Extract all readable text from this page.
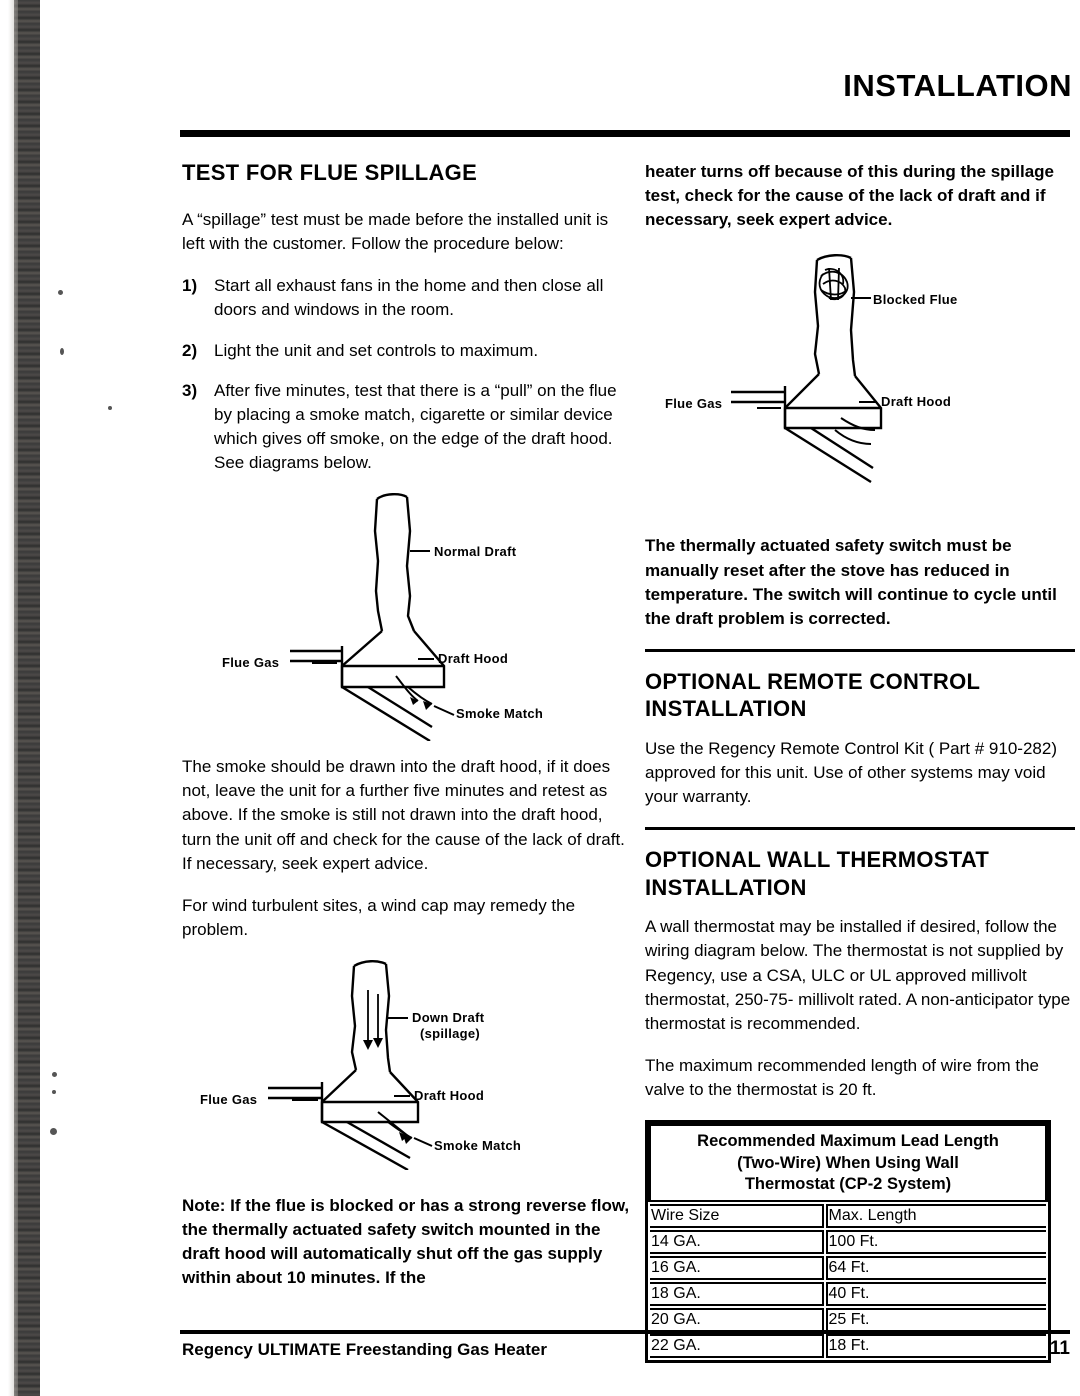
INSTALLATION
TEST FOR FLUE SPILLAGE

A “spillage” test must be made before the installed unit is left with the customer. Follow the procedure below:

1) Start all exhaust fans in the home and then close all doors and windows in the room.
2) Light the unit and set controls to maximum.
3) After five minutes, test that there is a “pull” on the flue by placing a smoke match, cigarette or similar device which gives off smoke, on the edge of the draft hood. See diagrams below.
Normal Draft
Draft Hood
Flue Gas
Smoke Match

The smoke should be drawn into the draft hood, if it does not, leave the unit for a further five minutes and retest as above. If the smoke is still not drawn into the draft hood, turn the unit off and check for the cause of the lack of draft. If necessary, seek expert advice.

For wind turbulent sites, a wind cap may remedy the problem.

Down Draft
(spillage)
Draft Hood
Flue Gas
Smoke Match

Note: If the flue is blocked or has a strong reverse flow, the thermally actuated safety switch mounted in the draft hood will automatically shut off the gas supply within about 10 minutes. If the

heater turns off because of this during the spillage test, check for the cause of the lack of draft and if necessary, seek expert advice.

Blocked Flue
Draft Hood
Flue Gas

The thermally actuated safety switch must be manually reset after the stove has reduced in temperature. The switch will continue to cycle until the draft problem is corrected.

OPTIONAL REMOTE CONTROL INSTALLATION

Use the Regency Remote Control Kit ( Part # 910-282) approved for this unit. Use of other systems may void your warranty.

OPTIONAL WALL THERMOSTAT INSTALLATION

A wall thermostat may be installed if desired, follow the wiring diagram below. The thermostat is not supplied by Regency, use a CSA, ULC or UL approved millivolt thermostat, 250-75- millivolt rated. A non-anticipator type thermostat is recommended.

The maximum recommended length of wire from the valve to the thermostat is 20 ft.

Recommended Maximum Lead Length
(Two-Wire) When Using Wall
Thermostat (CP-2 System)
Wire Size	Max. Length
14 GA.	100 Ft.
16 GA.	64 Ft.
18 GA.	40 Ft.
20 GA.	25 Ft.
22 GA.	18 Ft.
Regency ULTIMATE Freestanding Gas Heater	11
